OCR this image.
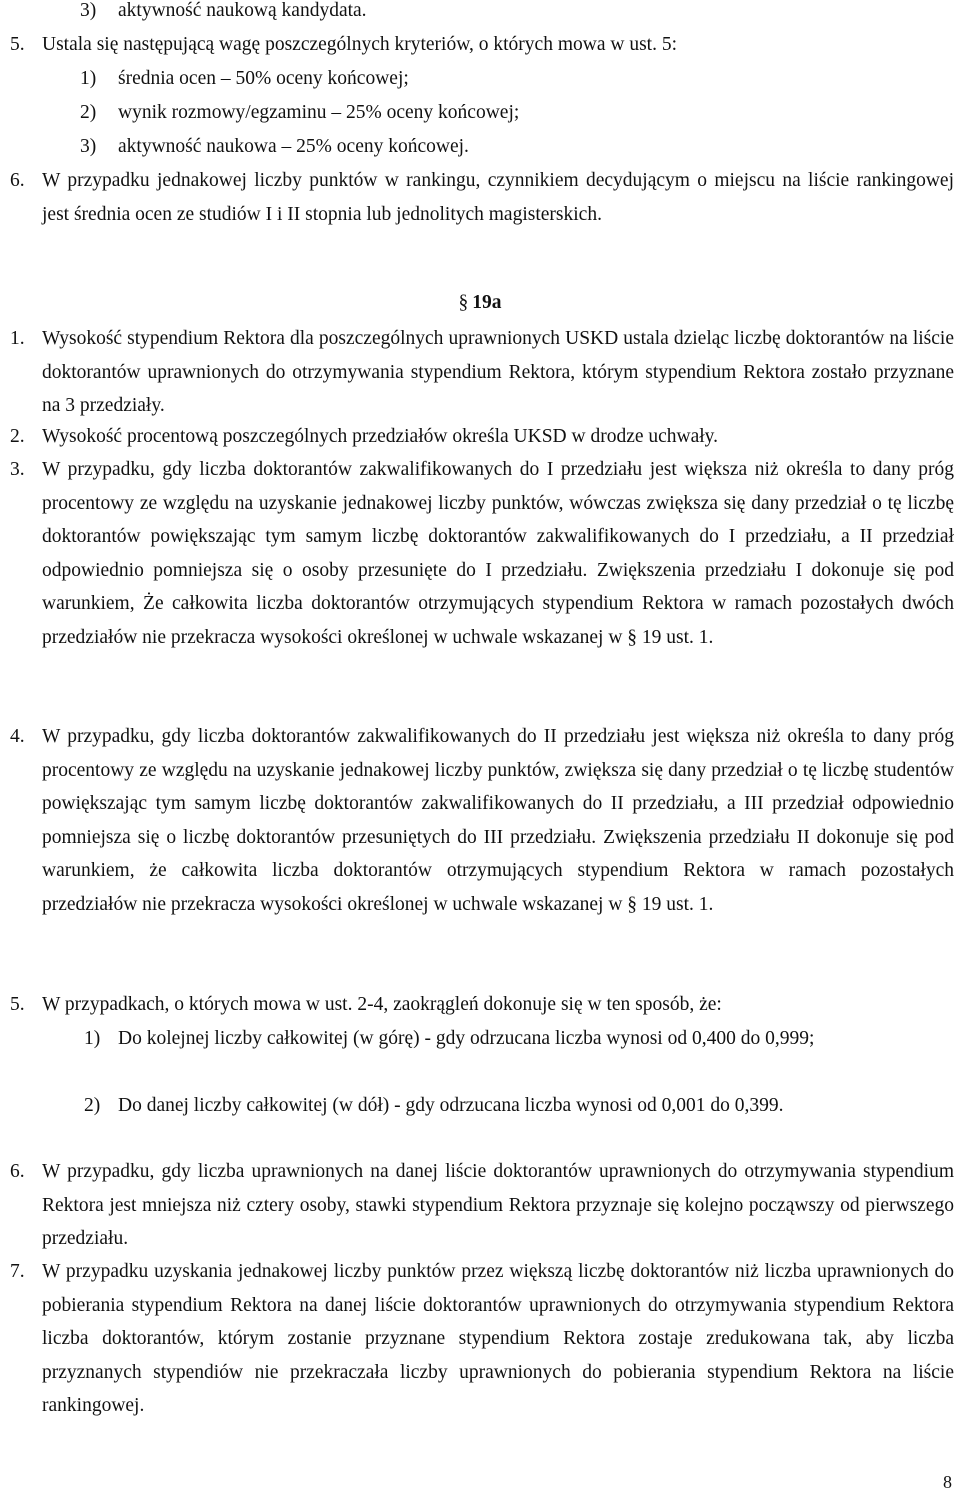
3)	aktywność naukową kandydata.
5. Ustala się następującą wagę poszczególnych kryteriów, o których mowa w ust. 5:
1)	średnia ocen – 50% oceny końcowej;
2)	wynik rozmowy/egzaminu – 25% oceny końcowej;
3)	aktywność naukowa – 25% oceny końcowej.
6. W przypadku jednakowej liczby punktów w rankingu, czynnikiem decydującym o miejscu na liście rankingowej jest średnia ocen ze studiów I i II stopnia lub jednolitych magisterskich.
§ 19a
1. Wysokość stypendium Rektora dla poszczególnych uprawnionych USKD ustala dzieląc liczbę doktorantów na liście doktorantów uprawnionych do otrzymywania stypendium Rektora, którym stypendium Rektora zostało przyznane na 3 przedziały.
2. Wysokość procentową poszczególnych przedziałów określa UKSD w drodze uchwały.
3. W przypadku, gdy liczba doktorantów zakwalifikowanych do I przedziału jest większa niż określa to dany próg procentowy ze względu na uzyskanie jednakowej liczby punktów, wówczas zwiększa się dany przedział o tę liczbę doktorantów powiększając tym samym liczbę doktorantów zakwalifikowanych do I przedziału, a II przedział odpowiednio pomniejsza się o osoby przesunięte do I przedziału. Zwiększenia przedziału I dokonuje się pod warunkiem, Że całkowita liczba doktorantów otrzymujących stypendium Rektora w ramach pozostałych dwóch przedziałów nie przekracza wysokości określonej w uchwale wskazanej w § 19 ust. 1.
4. W przypadku, gdy liczba doktorantów zakwalifikowanych do II przedziału jest większa niż określa to dany próg procentowy ze względu na uzyskanie jednakowej liczby punktów, zwiększa się dany przedział o tę liczbę studentów powiększając tym samym liczbę doktorantów zakwalifikowanych do II przedziału, a III przedział odpowiednio pomniejsza się o liczbę doktorantów przesuniętych do III przedziału. Zwiększenia przedziału II dokonuje się pod warunkiem, że całkowita liczba doktorantów otrzymujących stypendium Rektora w ramach pozostałych przedziałów nie przekracza wysokości określonej w uchwale wskazanej w § 19 ust. 1.
5. W przypadkach, o których mowa w ust. 2-4, zaokrągleń dokonuje się w ten sposób, że:
1) Do kolejnej liczby całkowitej (w górę) - gdy odrzucana liczba wynosi od 0,400 do 0,999;
2) Do danej liczby całkowitej (w dół) - gdy odrzucana liczba wynosi od 0,001 do 0,399.
6. W przypadku, gdy liczba uprawnionych na danej liście doktorantów uprawnionych do otrzymywania stypendium Rektora jest mniejsza niż cztery osoby, stawki stypendium Rektora przyznaje się kolejno począwszy od pierwszego przedziału.
7. W przypadku uzyskania jednakowej liczby punktów przez większą liczbę doktorantów niż liczba uprawnionych do pobierania stypendium Rektora na danej liście doktorantów uprawnionych do otrzymywania stypendium Rektora liczba doktorantów, którym zostanie przyznane stypendium Rektora zostaje zredukowana tak, aby liczba przyznanych stypendiów nie przekraczała liczby uprawnionych do pobierania stypendium Rektora na liście rankingowej.
8
